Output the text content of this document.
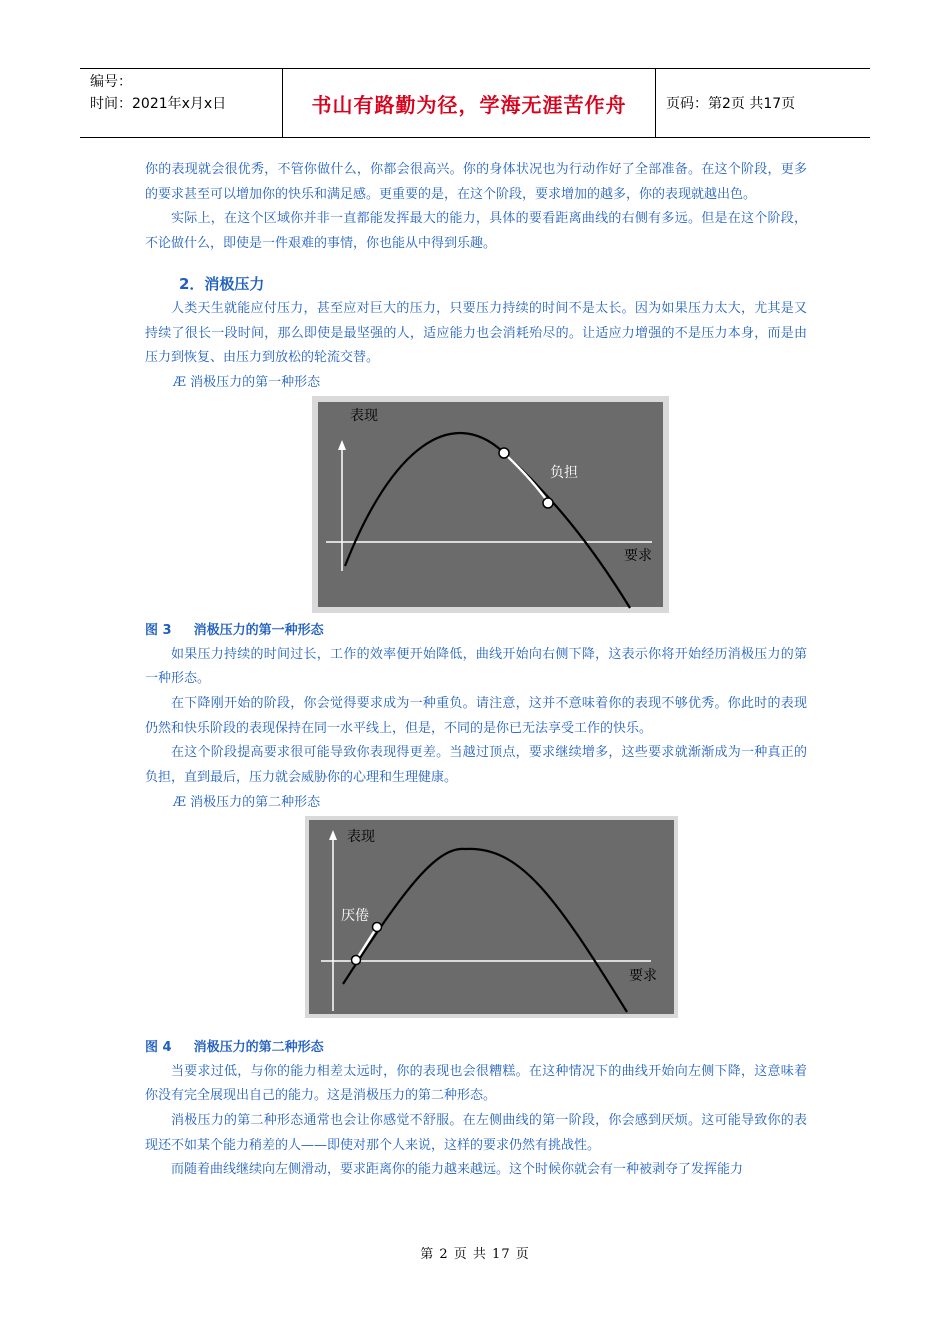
编号：
时间：2021年x月x日	书山有路勤为径，学海无涯苦作舟	页码：第2页 共17页

你的表现就会很优秀，不管你做什么，你都会很高兴。你的身体状况也为行动作好了全部准备。在这个阶段，更多的要求甚至可以增加你的快乐和满足感。更重要的是，在这个阶段，要求增加的越多，你的表现就越出色。

实际上，在这个区域你并非一直都能发挥最大的能力，具体的要看距离曲线的右侧有多远。但是在这个阶段，不论做什么，即使是一件艰难的事情，你也能从中得到乐趣。

2．消极压力

人类天生就能应付压力，甚至应对巨大的压力，只要压力持续的时间不是太长。因为如果压力太大，尤其是又持续了很长一段时间，那么即使是最坚强的人，适应能力也会消耗殆尽的。让适应力增强的不是压力本身，而是由压力到恢复、由压力到放松的轮流交替。

Æ 消极压力的第一种形态

表现
要求
负担

图 3 消极压力的第一种形态

如果压力持续的时间过长，工作的效率便开始降低，曲线开始向右侧下降，这表示你将开始经历消极压力的第一种形态。

在下降刚开始的阶段，你会觉得要求成为一种重负。请注意，这并不意味着你的表现不够优秀。你此时的表现仍然和快乐阶段的表现保持在同一水平线上，但是，不同的是你已无法享受工作的快乐。

在这个阶段提高要求很可能导致你表现得更差。当越过顶点，要求继续增多，这些要求就渐渐成为一种真正的负担，直到最后，压力就会威胁你的心理和生理健康。

Æ 消极压力的第二种形态

表现
要求
厌倦

图 4 消极压力的第二种形态

当要求过低，与你的能力相差太远时，你的表现也会很糟糕。在这种情况下的曲线开始向左侧下降，这意味着你没有完全展现出自己的能力。这是消极压力的第二种形态。

消极压力的第二种形态通常也会让你感觉不舒服。在左侧曲线的第一阶段，你会感到厌烦。这可能导致你的表现还不如某个能力稍差的人——即使对那个人来说，这样的要求仍然有挑战性。

而随着曲线继续向左侧滑动，要求距离你的能力越来越远。这个时候你就会有一种被剥夺了发挥能力

第 2 页 共 17 页
